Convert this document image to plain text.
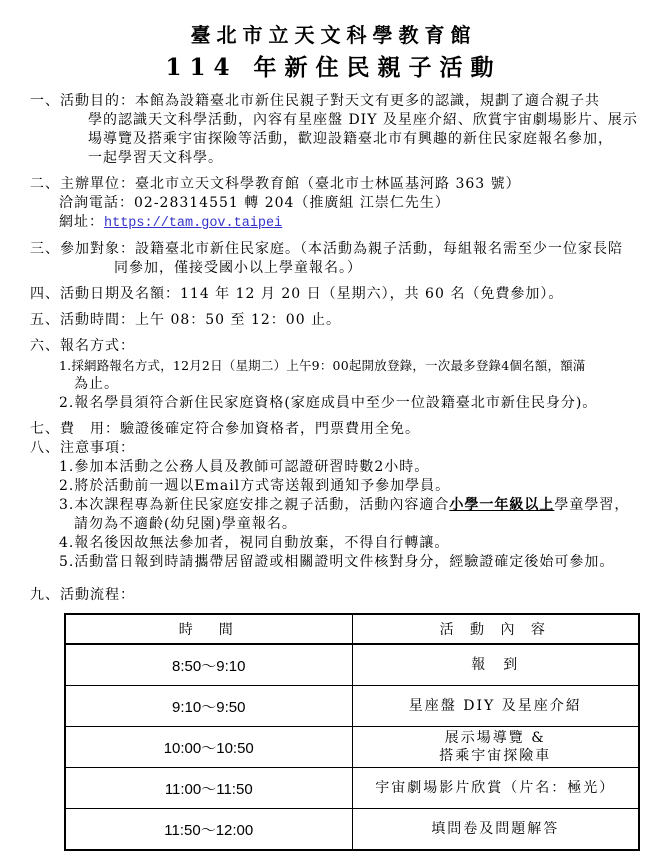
臺北市立天文科學教育館
114 年新住民親子活動
一、活動目的：本館為設籍臺北市新住民親子對天文有更多的認識，規劃了適合親子共
學的認識天文科學活動，內容有星座盤 DIY 及星座介紹、欣賞宇宙劇場影片、展示
場導覽及搭乘宇宙探險等活動，歡迎設籍臺北市有興趣的新住民家庭報名參加，
一起學習天文科學。
二、主辦單位：臺北市立天文科學教育館（臺北市士林區基河路 363 號）
洽詢電話：02-28314551 轉 204（推廣組 江崇仁先生）
網址：https://tam.gov.taipei
三、參加對象：設籍臺北市新住民家庭。（本活動為親子活動，每組報名需至少一位家長陪
同參加，僅接受國小以上學童報名。）
四、活動日期及名額：114 年 12 月 20 日（星期六），共 60 名（免費參加）。
五、活動時間：上午 08：50 至 12：00 止。
六、報名方式：
1.採網路報名方式，12月2日（星期二）上午9：00起開放登錄，一次最多登錄4個名額，額滿
為止。
2.報名學員須符合新住民家庭資格(家庭成員中至少一位設籍臺北市新住民身分)。
七、費　用：驗證後確定符合參加資格者，門票費用全免。
八、注意事項：
1.參加本活動之公務人員及教師可認證研習時數2小時。
2.將於活動前一週以Email方式寄送報到通知予參加學員。
3.本次課程專為新住民家庭安排之親子活動，活動內容適合小學一年級以上學童學習，
請勿為不適齡(幼兒園)學童報名。
4.報名後因故無法參加者，視同自動放棄，不得自行轉讓。
5.活動當日報到時請攜帶居留證或相關證明文件核對身分，經驗證確定後始可參加。
九、活動流程：
時　間	活 動 內 容
8:50～9:10	報　到

9:10～9:50	星座盤 DIY 及星座介紹

10:00～10:50	展示場導覽 &
搭乘宇宙探險車

11:00～11:50	宇宙劇場影片欣賞（片名：極光）

11:50～12:00	填問卷及問題解答
